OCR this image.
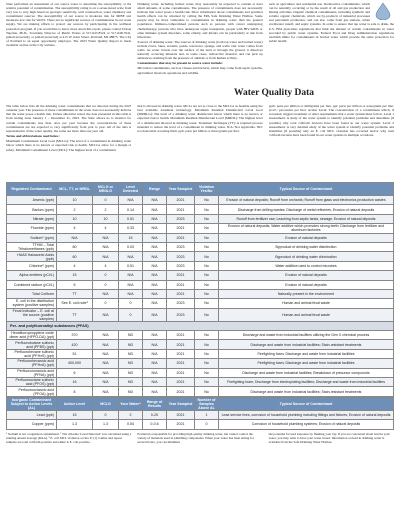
State performed an assessment of our source water to determine the susceptibility or the relative potential of contamination. The susceptibility rating is on a seven-tiered scale from very low to very high based on geologic sensitivity, well construction, water chemistry and contaminant sources. The susceptibility of our source is moderate risk for MtBE and moderate-low risk for Well 9. There are no significant sources of contamination in our water supply. We are making efforts to protect our sources by participating in the wellhead protection program. If you would like to know more about this report, please contact Dorset Tajerina, Ph.D., Township Director of Public Works at 517-647-8524 or 517-648-7641, [email protected], or [email protected] at 415 W. Kent Street, Portland, MI 48875. The City of Portland is an equal opportunity employer. The 2023 Water Quality Report is made available on line at the City website.

Drinking water, including bottled water, may reasonably be expected to contain at least small amounts of some contaminants. The presence of contaminants does not necessarily indicate that water poses a health risk. More information about contaminants and potential health effects can be obtained by calling the EPA Safe Drinking Water Hotline. Some people may be more vulnerable to contaminants in drinking water than the general population. Immuno-compromised persons such as persons with cancer undergoing chemotherapy, persons who have undergone organ transplants, people with HIV/AIDS or other immune system disorders, some elderly, and infants can be particularly at risk from infections.

Sources of drinking water: The sources of drinking water (both tap water and bottled water) include rivers, lakes, streams, ponds, reservoirs, springs, and wells. Our water comes from wells. As water travels over the surface of the land or through the ground, it dissolves naturally occurring minerals and, in some cases, radioactive material, and can pick up substances resulting from the presence of animals or from human activity.

Contaminants that may be present in source water include:

Microbial contaminants, such as viruses and bacteria, which may come from septic systems, agricultural livestock operations and wildlife.

such as agriculture and residential use. Radioactive contaminants, which can be naturally occurring or be the result of oil and gas production and mining activities. Organic chemical contaminants, including synthetic and volatile organic chemicals, which are by-products of industrial processes and petroleum production, and can also come from gas stations, urban stormwater runoff, and septic systems. In order to ensure that tap water is safe to drink, the U.S. EPA prescribes regulations that limit the amount of certain contaminants in water provided by public water systems. Federal Food and Drug Administration regulations establish limits for contaminants in bottled water which provide the same protection for public health.

Water Quality Data

The table below lists all the drinking water contaminants that we detected during the 2023 calendar year. The presence of these contaminants in the water does not necessarily indicate that the water poses a health risk. Unless otherwise noted, the data presented in this table is from testing done January 1 – December 31, 2023. The State allows us to monitor for certain contaminants less than once per year because the concentrations of these contaminants are not expected to vary significantly from year to year. All of the data is representative of the water quality, but some are more than one year old.

Terms and abbreviations used below:

Maximum Contaminant Level Goal (MCLG): The level of a contaminant in drinking water below which there is no known or expected risk to health. MCLGs allow for a margin of safety. Maximum Contaminant Level (MCL): The highest level of a contaminant

that is allowed in drinking water. MCLs are set as close to the MCLGs as feasible using the best available treatment technology. Maximum Residual Disinfectant Level Goal (MRDLG): The level of a drinking water disinfectant below which there is no known or expected risk to health. Maximum Residual Disinfectant Level (MRDL): The highest level of a disinfectant allowed in drinking water. Treatment Technique (TT): A required process intended to reduce the level of a contaminant in drinking water. N/A: Not applicable. ND: not detectable at testing limit. ppb: parts per billion or micrograms per liter.

ppm: parts per million or milligrams per liter. ppt: parts per trillion or nanograms per liter. pCi/L: picocuries per liter. Action Level: The concentration of a contaminant which, if exceeded, triggers treatment or other requirements that a water system must follow. Level 1 Assessment: A study of the water system to identify potential problems and determine (if possible) why total coliform bacteria have been found in our water system. Level 2 Assessment: A very detailed study of the water system to identify potential problems and determine (if possible) why an E. coli MCL violation has occurred and/or why total coliform bacteria have been found in our water system on multiple occasions.

Regulated Contaminant	MCL, TT, or MRDL	MCLG or MRDLG	Level Detected	Range	Year Sampled	Violation Yes/No	Typical Source of Contaminant
Arsenic (ppb)	10	0	N/A	N/A	2021	No	Erosion of natural deposits; Runoff from orchards; Runoff from glass and electronics production wastes
Barium (ppm)	2	2	0.14	N/A	2021	No	Discharge from drilling wastes; Discharge of metal refineries; Erosion of natural deposits
Nitrate (ppm)	10	10	0.51	N/A	2023	No	Runoff from fertilizer use; Leaching from septic tanks, sewage; Erosion of natural deposits
Fluoride (ppm)	4	4	0.33	N/A	2021	No	Erosion of natural deposits; Water additive which promotes strong teeth; Discharge from fertilizer and aluminum factories
Sodium¹ (ppm)	N/A	N/A	15	N/A	2021	No	Erosion of natural deposits
TTHM – Total Trihalomethanes (ppb)	80	N/A	0.03	N/A	2023	No	Byproduct of drinking water disinfection
HAA5 Haloacetic Acids (ppb)	60	N/A	N/A	N/A	2023	No	Byproduct of drinking water chlorination
Chlorine² (ppm)	4	4	0.51	N/A	2023	No	Water additive used to control microbes
Alpha emitters (pCi/L)	15	0	N/A	N/A	2021	No	Erosion of natural deposits
Combined radium (pCi/L)	5	0	N/A	N/A	2021	No	Erosion of natural deposits
Total Coliform	TT	N/A	N/A	N/A	2021	No	Naturally present in the environment
E. coli in the distribution system (positive samples)	See E. coli note³	0	0	N/A	2023	No	Human and animal fecal waste
Fecal Indicator – E. coli at the source (positive samples)	TT	N/A	0	N/A	2023	No	Human and animal fecal waste
Per- and polyfluoroalkyl substances (PFAS)							
Hexafluoropropylene oxide dimer acid (HFPO-DA) (ppt)	370	N/A	ND	N/A	2021	No	Discharge and waste from industrial facilities utilizing the Gen X chemical process
Perfluorobutane sulfonic acid (PFBS) (ppt)	420	N/A	ND	N/A	2021	No	Discharge and waste from industrial facilities; Stain-resistant treatments
Perfluorohexane sulfonic acid (PFHxS) (ppt)	51	N/A	ND	N/A	2021	No	Firefighting foam; Discharge and waste from industrial facilities
Perfluorohexanoic acid (PFHxA) (ppt)	400,000	N/A	ND	N/A	2021	No	Firefighting foam; Discharge and waste from industrial facilities
Perfluorononanoic acid (PFNA) (ppt)	6	N/A	ND	N/A	2021	No	Discharge and waste from industrial facilities; Breakdown of precursor compounds
Perfluorooctane sulfonic acid (PFOS) (ppt)	16	N/A	ND	N/A	2021	No	Firefighting foam; Discharge from electroplating facilities; Discharge and waste from industrial facilities
Perfluorooctanoic acid (PFOA) (ppt)	8	N/A	ND	N/A	2021	No	Discharge and waste from industrial facilities; Stain-resistant treatments
Inorganic Contaminant Subject to Action Levels (AL)	Action Level	MCLG	Your Water⁴	Range of Results	Year Sampled	Number of Samples Above AL	Typical Source of Contaminant
Lead (ppb)	15	0	2	0-20	2021	1	Lead service lines, corrosion of household plumbing including fittings and fixtures; Erosion of natural deposits
Copper (ppm)	1.3	1.3	0.54	0-0.6	2021	0	Corrosion of household plumbing systems; Erosion of natural deposits
¹ Sodium is not a regulated contaminant. ² The chlorine 'Level Detected' was calculated using a running annual average (RAA). ³ E. coli MCL violation occurs if: (1) routine and repeat samples are total coliform-positive and either is E. coli-positive.
Portland is responsible for providing high quality drinking water, but cannot control the variety of materials used in plumbing components. When your water has been sitting for several hours, you can minimize
the potential for lead exposure by flushing your tap. If you are concerned about lead in your water, you may wish to have your water tested. Information on lead in drinking water is available from the Safe Drinking Water Hotline.
